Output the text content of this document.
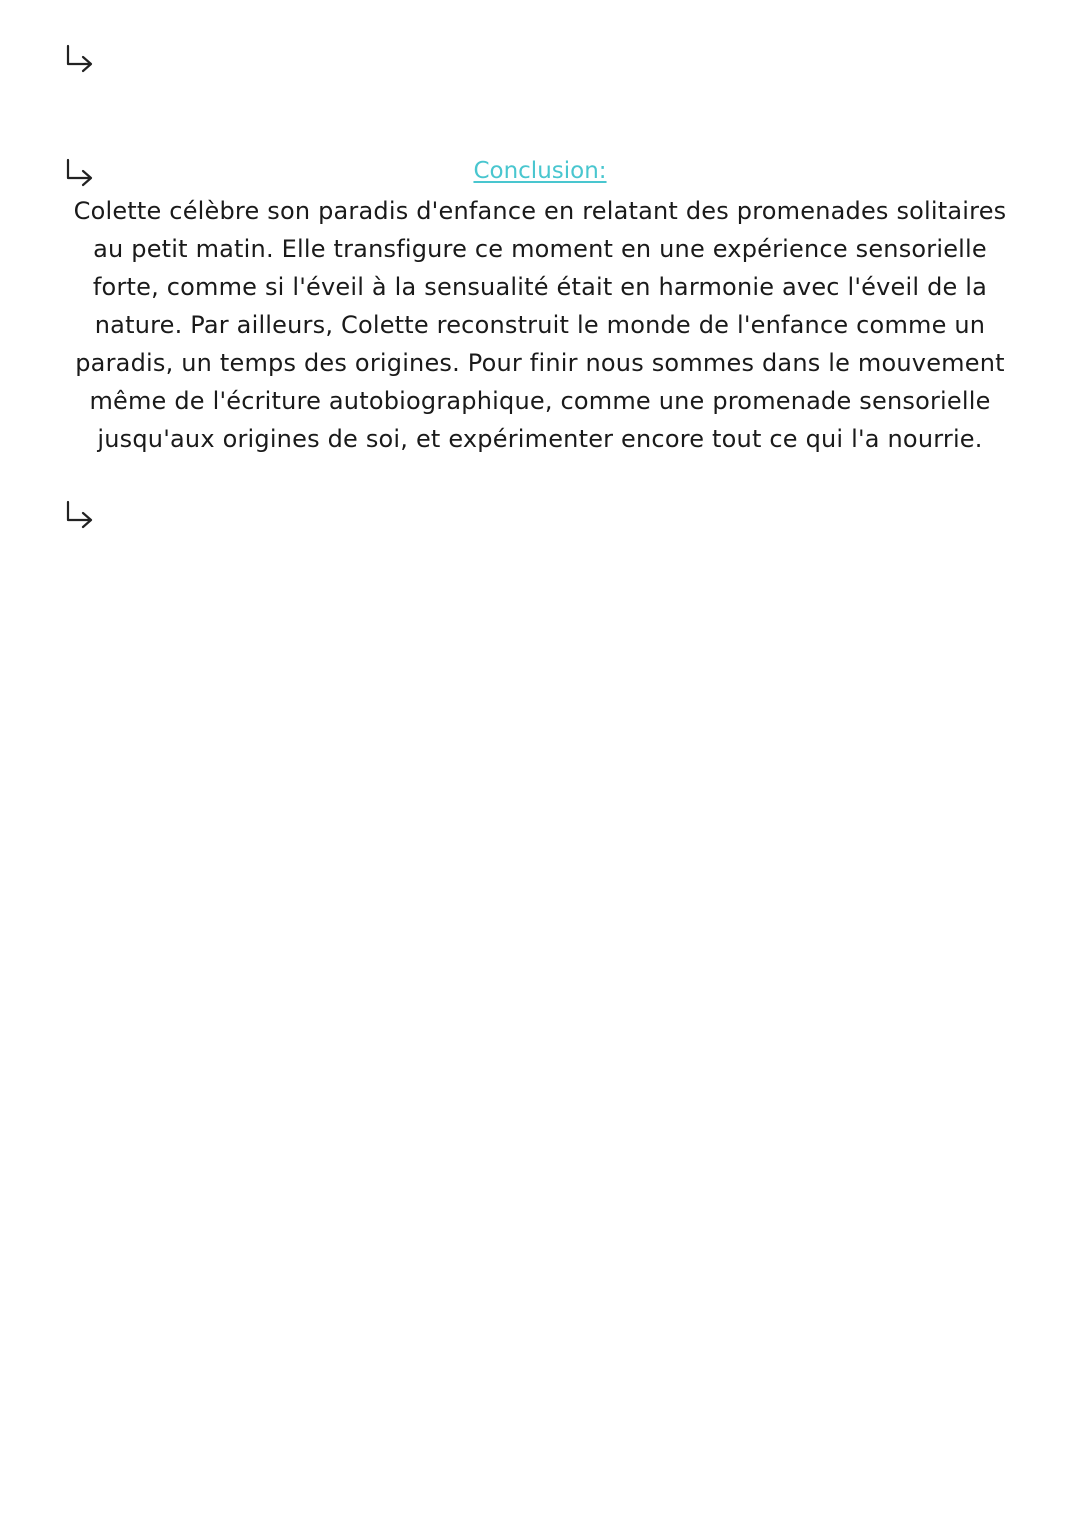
Conclusion:
Colette célèbre son paradis d'enfance en relatant des promenades solitaires
au petit matin. Elle transfigure ce moment en une expérience sensorielle
forte, comme si l'éveil à la sensualité était en harmonie avec l'éveil de la
nature. Par ailleurs, Colette reconstruit le monde de l'enfance comme un
paradis, un temps des origines. Pour finir nous sommes dans le mouvement
même de l'écriture autobiographique, comme une promenade sensorielle
jusqu'aux origines de soi, et expérimenter encore tout ce qui l'a nourrie.
